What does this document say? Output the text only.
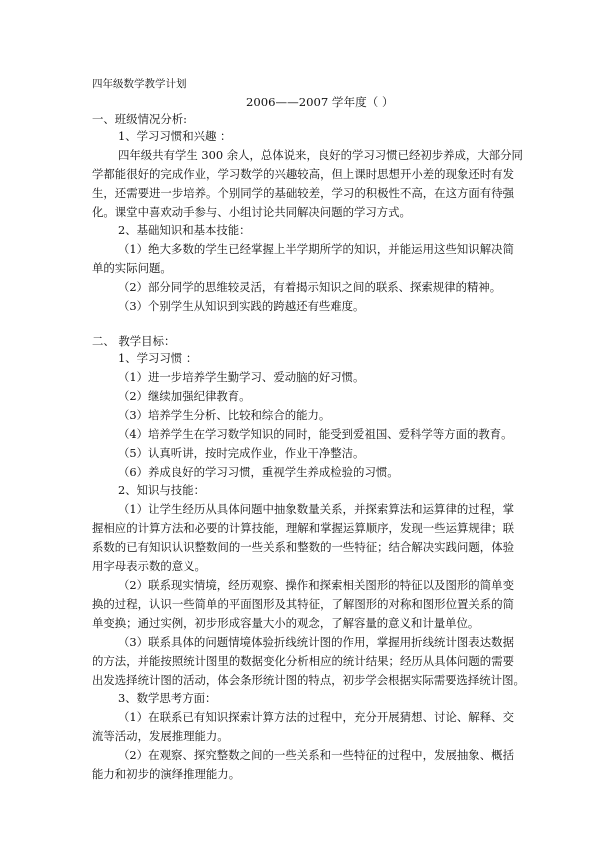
四年级数学教学计划
2006——2007 学年度（ ）
一、班级情况分析:
1、学习习惯和兴趣 ：
四年级共有学生 300 余人，总体说来，良好的学习习惯已经初步养成，大部分同
学都能很好的完成作业，学习数学的兴趣较高，但上课时思想开小差的现象还时有发
生，还需要进一步培养。个别同学的基础较差，学习的积极性不高，在这方面有待强
化。课堂中喜欢动手参与、小组讨论共同解决问题的学习方式。
2、基础知识和基本技能：
（1）绝大多数的学生已经掌握上半学期所学的知识，并能运用这些知识解决简
单的实际问题。
（2）部分同学的思维较灵活，有着揭示知识之间的联系、探索规律的精神。
（3）个别学生从知识到实践的跨越还有些难度。
二、 教学目标：
1、学习习惯 ：
（1）进一步培养学生勤学习、爱动脑的好习惯。
（2）继续加强纪律教育。
（3）培养学生分析、比较和综合的能力。
（4）培养学生在学习数学知识的同时，能受到爱祖国、爱科学等方面的教育。
（5）认真听讲，按时完成作业，作业干净整洁。
（6）养成良好的学习习惯，重视学生养成检验的习惯。
2、知识与技能：
（1）让学生经历从具体问题中抽象数量关系，并探索算法和运算律的过程，掌
握相应的计算方法和必要的计算技能，理解和掌握运算顺序，发现一些运算规律；联
系数的已有知识认识整数间的一些关系和整数的一些特征；结合解决实践问题，体验
用字母表示数的意义。
（2）联系现实情境，经历观察、操作和探索相关图形的特征以及图形的简单变
换的过程，认识一些简单的平面图形及其特征，了解图形的对称和图形位置关系的简
单变换；通过实例，初步形成容量大小的观念，了解容量的意义和计量单位。
（3）联系具体的问题情境体验折线统计图的作用，掌握用折线统计图表达数据
的方法，并能按照统计图里的数据变化分析相应的统计结果；经历从具体问题的需要
出发选择统计图的活动，体会条形统计图的特点，初步学会根据实际需要选择统计图。
3、数学思考方面：
（1）在联系已有知识探索计算方法的过程中，充分开展猜想、讨论、解释、交
流等活动，发展推理能力。
（2）在观察、探究整数之间的一些关系和一些特征的过程中，发展抽象、概括
能力和初步的演绎推理能力。
